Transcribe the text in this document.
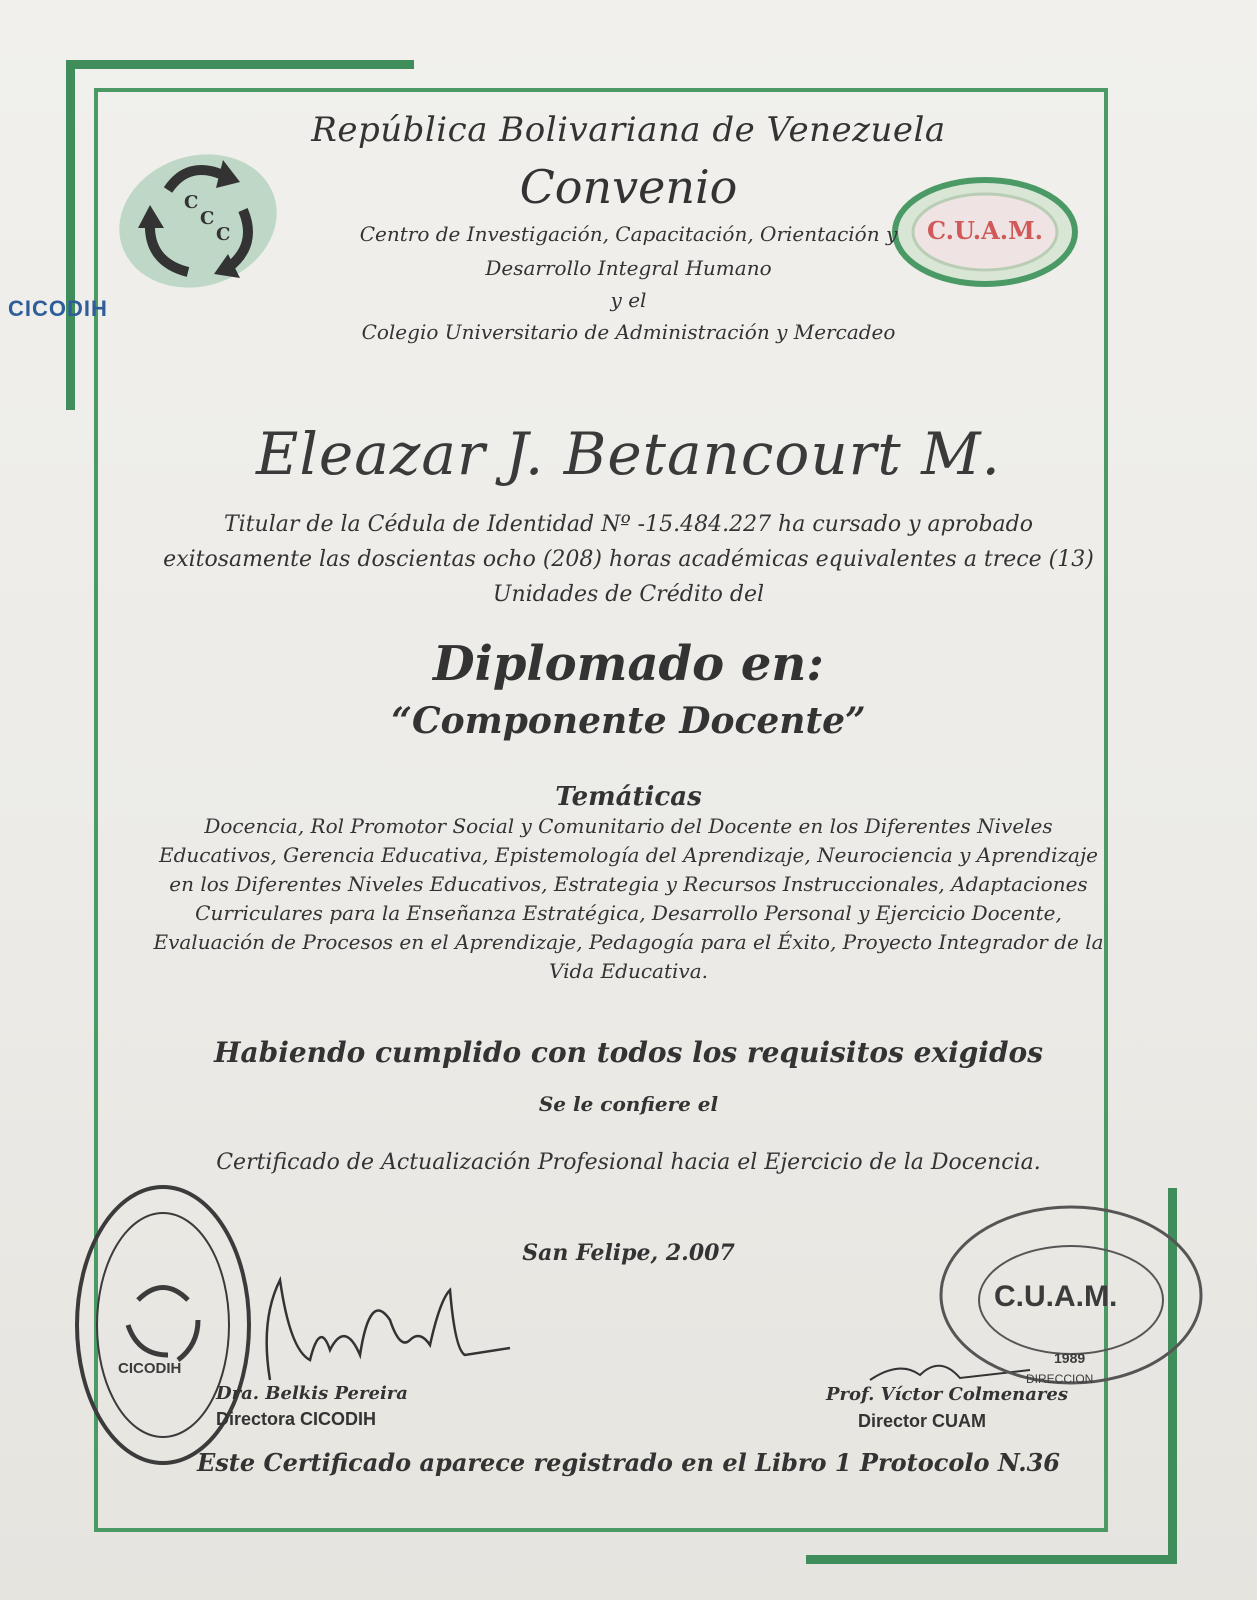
C
C
C
CICODIH
C.U.A.M.
República Bolivariana de Venezuela
Convenio
Centro de Investigación, Capacitación, Orientación y
Desarrollo Integral Humano
y el
Colegio Universitario de Administración y Mercadeo
Eleazar J. Betancourt M.
Titular de la Cédula de Identidad Nº -15.484.227 ha cursado y aprobado
exitosamente las doscientas ocho (208) horas académicas equivalentes a trece (13)
Unidades de Crédito del
Diplomado en:
“Componente Docente”
Temáticas
Docencia, Rol Promotor Social y Comunitario del Docente en los Diferentes Niveles Educativos, Gerencia Educativa, Epistemología del Aprendizaje, Neurociencia y Aprendizaje en los Diferentes Niveles Educativos, Estrategia y Recursos Instruccionales, Adaptaciones Curriculares para la Enseñanza Estratégica, Desarrollo Personal y Ejercicio Docente, Evaluación de Procesos en el Aprendizaje, Pedagogía para el Éxito, Proyecto Integrador de la Vida Educativa.
Habiendo cumplido con todos los requisitos exigidos
Se le confiere el
Certificado de Actualización Profesional hacia el Ejercicio de la Docencia.
San Felipe, 2.007
CICODIH
Dra. Belkis Pereira
Directora CICODIH
Prof. Víctor Colmenares
Director CUAM
C.U.A.M.
1989
DIRECCION
Este Certificado aparece registrado en el Libro 1 Protocolo N.36
